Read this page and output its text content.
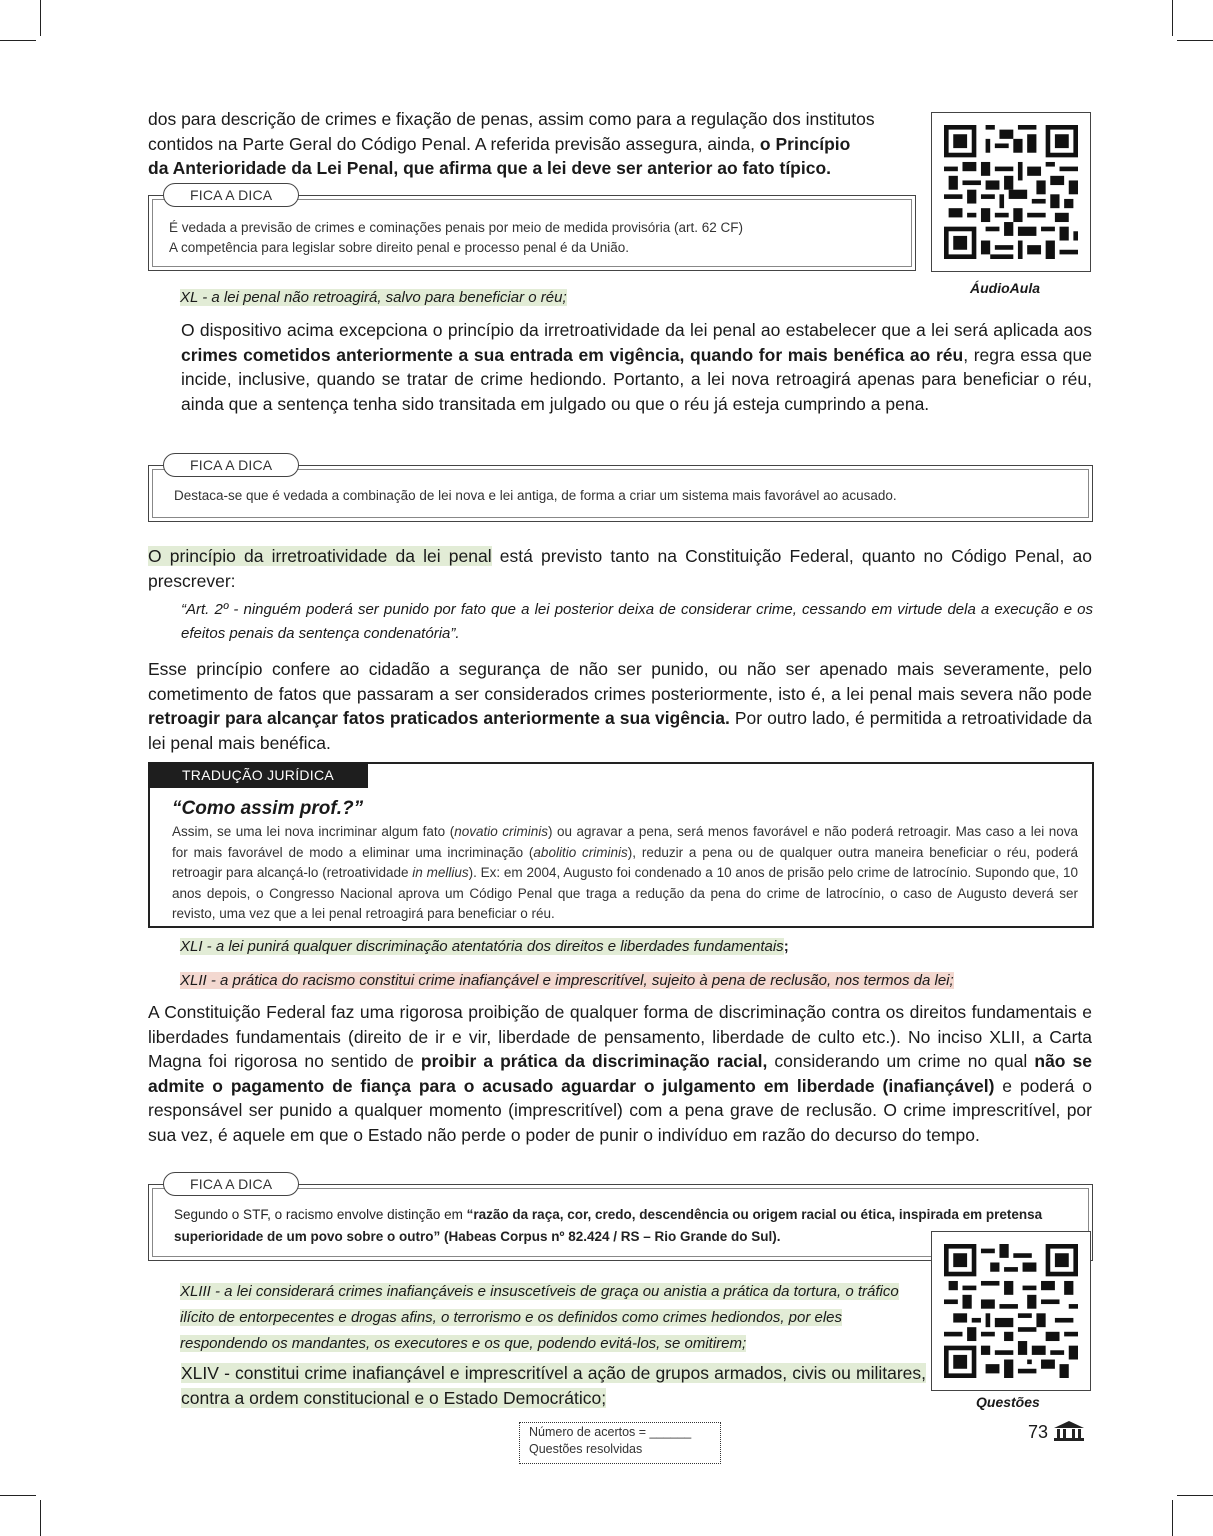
dos para descrição de crimes e fixação de penas, assim como para a regulação dos institutos
contidos na Parte Geral do Código Penal. A referida previsão assegura, ainda, o Princípio
da Anterioridade da Lei Penal, que afirma que a lei deve ser anterior ao fato típico.
FICA A DICA

É vedada a previsão de crimes e cominações penais por meio de medida provisória (art. 62 CF)
A competência para legislar sobre direito penal e processo penal é da União.

ÁudioAula
XL - a lei penal não retroagirá, salvo para beneficiar o réu;

O dispositivo acima excepciona o princípio da irretroatividade da lei penal ao estabelecer que a lei será aplicada aos crimes cometidos anteriormente a sua entrada em vigência, quando for mais benéfica ao réu, regra essa que incide, inclusive, quando se tratar de crime hediondo. Portanto, a lei nova retroagirá apenas para beneficiar o réu, ainda que a sentença tenha sido transitada em julgado ou que o réu já esteja cumprindo a pena.

FICA A DICA

Destaca-se que é vedada a combinação de lei nova e lei antiga, de forma a criar um sistema mais favorável ao acusado.

O princípio da irretroatividade da lei penal está previsto tanto na Constituição Federal, quanto no Código Penal, ao prescrever:

“Art. 2º - ninguém poderá ser punido por fato que a lei posterior deixa de considerar crime, cessando em virtude dela a execução e os efeitos penais da sentença condenatória”.

Esse princípio confere ao cidadão a segurança de não ser punido, ou não ser apenado mais severamente, pelo cometimento de fatos que passaram a ser considerados crimes posteriormente, isto é, a lei penal mais severa não pode retroagir para alcançar fatos praticados anteriormente a sua vigência. Por outro lado, é permitida a retroatividade da lei penal mais benéfica.

TRADUÇÃO JURÍDICA
“Como assim prof.?”

Assim, se uma lei nova incriminar algum fato (novatio criminis) ou agravar a pena, será menos favorável e não poderá retroagir. Mas caso a lei nova for mais favorável de modo a eliminar uma incriminação (abolitio criminis), reduzir a pena ou de qualquer outra maneira beneficiar o réu, poderá retroagir para alcançá-lo (retroatividade in mellius). Ex: em 2004, Augusto foi condenado a 10 anos de prisão pelo crime de latrocínio. Supondo que, 10 anos depois, o Congresso Nacional aprova um Código Penal que traga a redução da pena do crime de latrocínio, o caso de Augusto deverá ser revisto, uma vez que a lei penal retroagirá para beneficiar o réu.

XLI - a lei punirá qualquer discriminação atentatória dos direitos e liberdades fundamentais;
XLII - a prática do racismo constitui crime inafiançável e imprescritível, sujeito à pena de reclusão, nos termos da lei;

A Constituição Federal faz uma rigorosa proibição de qualquer forma de discriminação contra os direitos fundamentais e liberdades fundamentais (direito de ir e vir, liberdade de pensamento, liberdade de culto etc.). No inciso XLII, a Carta Magna foi rigorosa no sentido de proibir a prática da discriminação racial, considerando um crime no qual não se admite o pagamento de fiança para o acusado aguardar o julgamento em liberdade (inafiançável) e poderá o responsável ser punido a qualquer momento (imprescritível) com a pena grave de reclusão. O crime imprescritível, por sua vez, é aquele em que o Estado não perde o poder de punir o indivíduo em razão do decurso do tempo.

FICA A DICA

Segundo o STF, o racismo envolve distinção em “razão da raça, cor, credo, descendência ou origem racial ou ética, inspirada em pretensa superioridade de um povo sobre o outro” (Habeas Corpus nº 82.424 / RS – Rio Grande do Sul).

Questões
XLIII - a lei considerará crimes inafiançáveis e insuscetíveis de graça ou anistia a prática da tortura, o tráfico ilícito de entorpecentes e drogas afins, o terrorismo e os definidos como crimes hediondos, por eles respondendo os mandantes, os executores e os que, podendo evitá-los, se omitirem;
XLIV - constitui crime inafiançável e imprescritível a ação de grupos armados, civis ou militares, contra a ordem constitucional e o Estado Democrático;
Número de acertos = ______
Questões resolvidas
73
